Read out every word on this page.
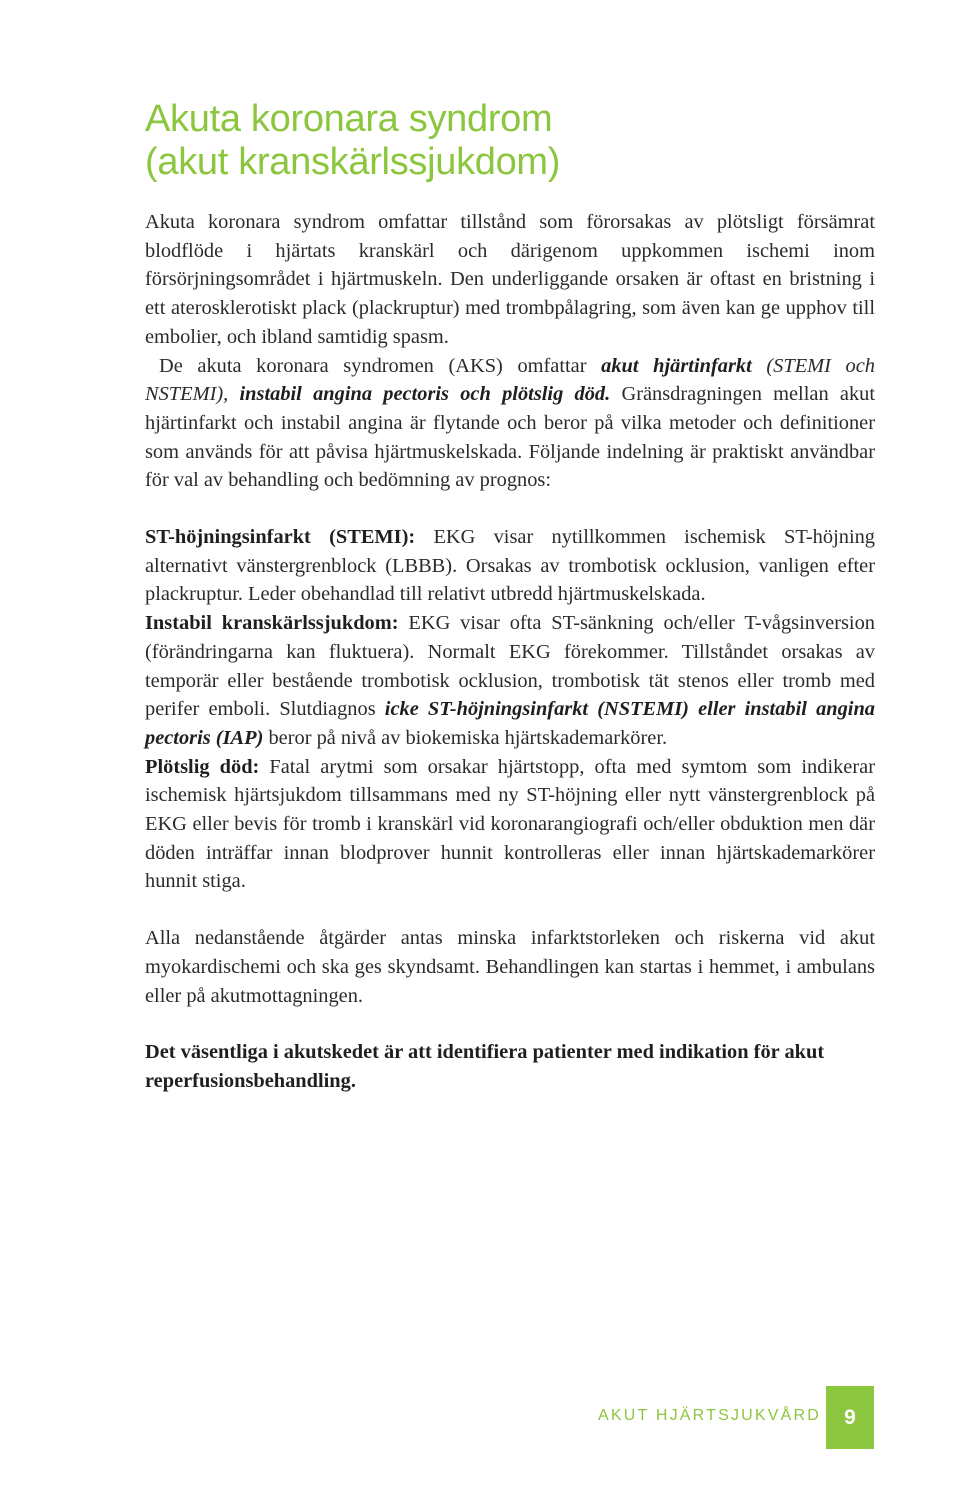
Akuta koronara syndrom
(akut kranskärlssjukdom)

Akuta koronara syndrom omfattar tillstånd som förorsakas av plötsligt försämrat blodflöde i hjärtats kranskärl och därigenom uppkommen ischemi inom försörjningsområdet i hjärtmuskeln. Den underliggande orsaken är oftast en bristning i ett aterosklerotiskt plack (plackruptur) med trombpålagring, som även kan ge upphov till embolier, och ibland samtidig spasm.

De akuta koronara syndromen (AKS) omfattar akut hjärtinfarkt (STEMI och NSTEMI), instabil angina pectoris och plötslig död. Gränsdragningen mellan akut hjärtinfarkt och instabil angina är flytande och beror på vilka metoder och definitioner som används för att påvisa hjärtmuskelskada. Följande indelning är praktiskt användbar för val av behandling och bedömning av prognos:

ST-höjningsinfarkt (STEMI): EKG visar nytillkommen ischemisk ST-höjning alternativt vänstergrenblock (LBBB). Orsakas av trombotisk ocklusion, vanligen efter plackruptur. Leder obehandlad till relativt utbredd hjärtmuskelskada.

Instabil kranskärlssjukdom: EKG visar ofta ST-sänkning och/eller T-vågsinversion (förändringarna kan fluktuera). Normalt EKG förekommer. Tillståndet orsakas av temporär eller bestående trombotisk ocklusion, trombotisk tät stenos eller tromb med perifer emboli. Slutdiagnos icke ST-höjningsinfarkt (NSTEMI) eller instabil angina pectoris (IAP) beror på nivå av biokemiska hjärtskademarkörer.

Plötslig död: Fatal arytmi som orsakar hjärtstopp, ofta med symtom som indikerar ischemisk hjärtsjukdom tillsammans med ny ST-höjning eller nytt vänstergrenblock på EKG eller bevis för tromb i kranskärl vid koronarangiografi och/eller obduktion men där döden inträffar innan blodprover hunnit kontrolleras eller innan hjärtskademarkörer hunnit stiga.

Alla nedanstående åtgärder antas minska infarktstorleken och riskerna vid akut myokardischemi och ska ges skyndsamt. Behandlingen kan startas i hemmet, i ambulans eller på akutmottagningen.

Det väsentliga i akutskedet är att identifiera patienter med indikation för akut reperfusionsbehandling.

AKUT HJÄRTSJUKVÅRD 9
